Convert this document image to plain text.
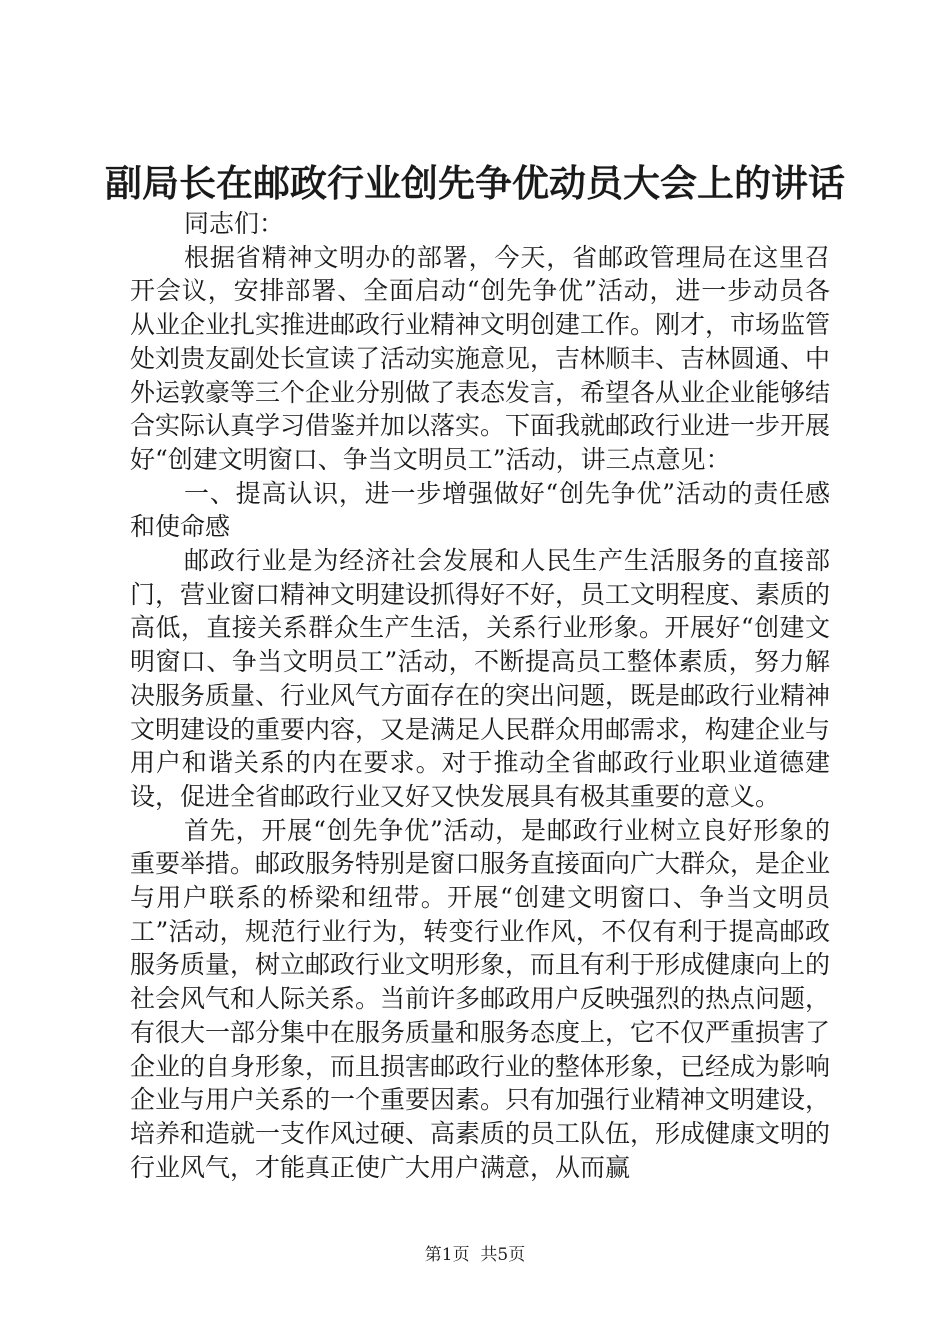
副局长在邮政行业创先争优动员大会上的讲话

同志们：

根据省精神文明办的部署，今天，省邮政管理局在这里召开会议，安排部署、全面启动“创先争优”活动，进一步动员各从业企业扎实推进邮政行业精神文明创建工作。刚才，市场监管处刘贵友副处长宣读了活动实施意见，吉林顺丰、吉林圆通、中外运敦豪等三个企业分别做了表态发言，希望各从业企业能够结合实际认真学习借鉴并加以落实。下面我就邮政行业进一步开展好“创建文明窗口、争当文明员工”活动，讲三点意见：

一、提高认识，进一步增强做好“创先争优”活动的责任感和使命感

邮政行业是为经济社会发展和人民生产生活服务的直接部门，营业窗口精神文明建设抓得好不好，员工文明程度、素质的高低，直接关系群众生产生活，关系行业形象。开展好“创建文明窗口、争当文明员工”活动，不断提高员工整体素质，努力解决服务质量、行业风气方面存在的突出问题，既是邮政行业精神文明建设的重要内容，又是满足人民群众用邮需求，构建企业与用户和谐关系的内在要求。对于推动全省邮政行业职业道德建设，促进全省邮政行业又好又快发展具有极其重要的意义。

首先，开展“创先争优”活动，是邮政行业树立良好形象的重要举措。邮政服务特别是窗口服务直接面向广大群众，是企业与用户联系的桥梁和纽带。开展“创建文明窗口、争当文明员工”活动，规范行业行为，转变行业作风，不仅有利于提高邮政服务质量，树立邮政行业文明形象，而且有利于形成健康向上的社会风气和人际关系。当前许多邮政用户反映强烈的热点问题，有很大一部分集中在服务质量和服务态度上，它不仅严重损害了企业的自身形象，而且损害邮政行业的整体形象，已经成为影响企业与用户关系的一个重要因素。只有加强行业精神文明建设，培养和造就一支作风过硬、高素质的员工队伍，形成健康文明的行业风气，才能真正使广大用户满意，从而赢

第1页  共5页
